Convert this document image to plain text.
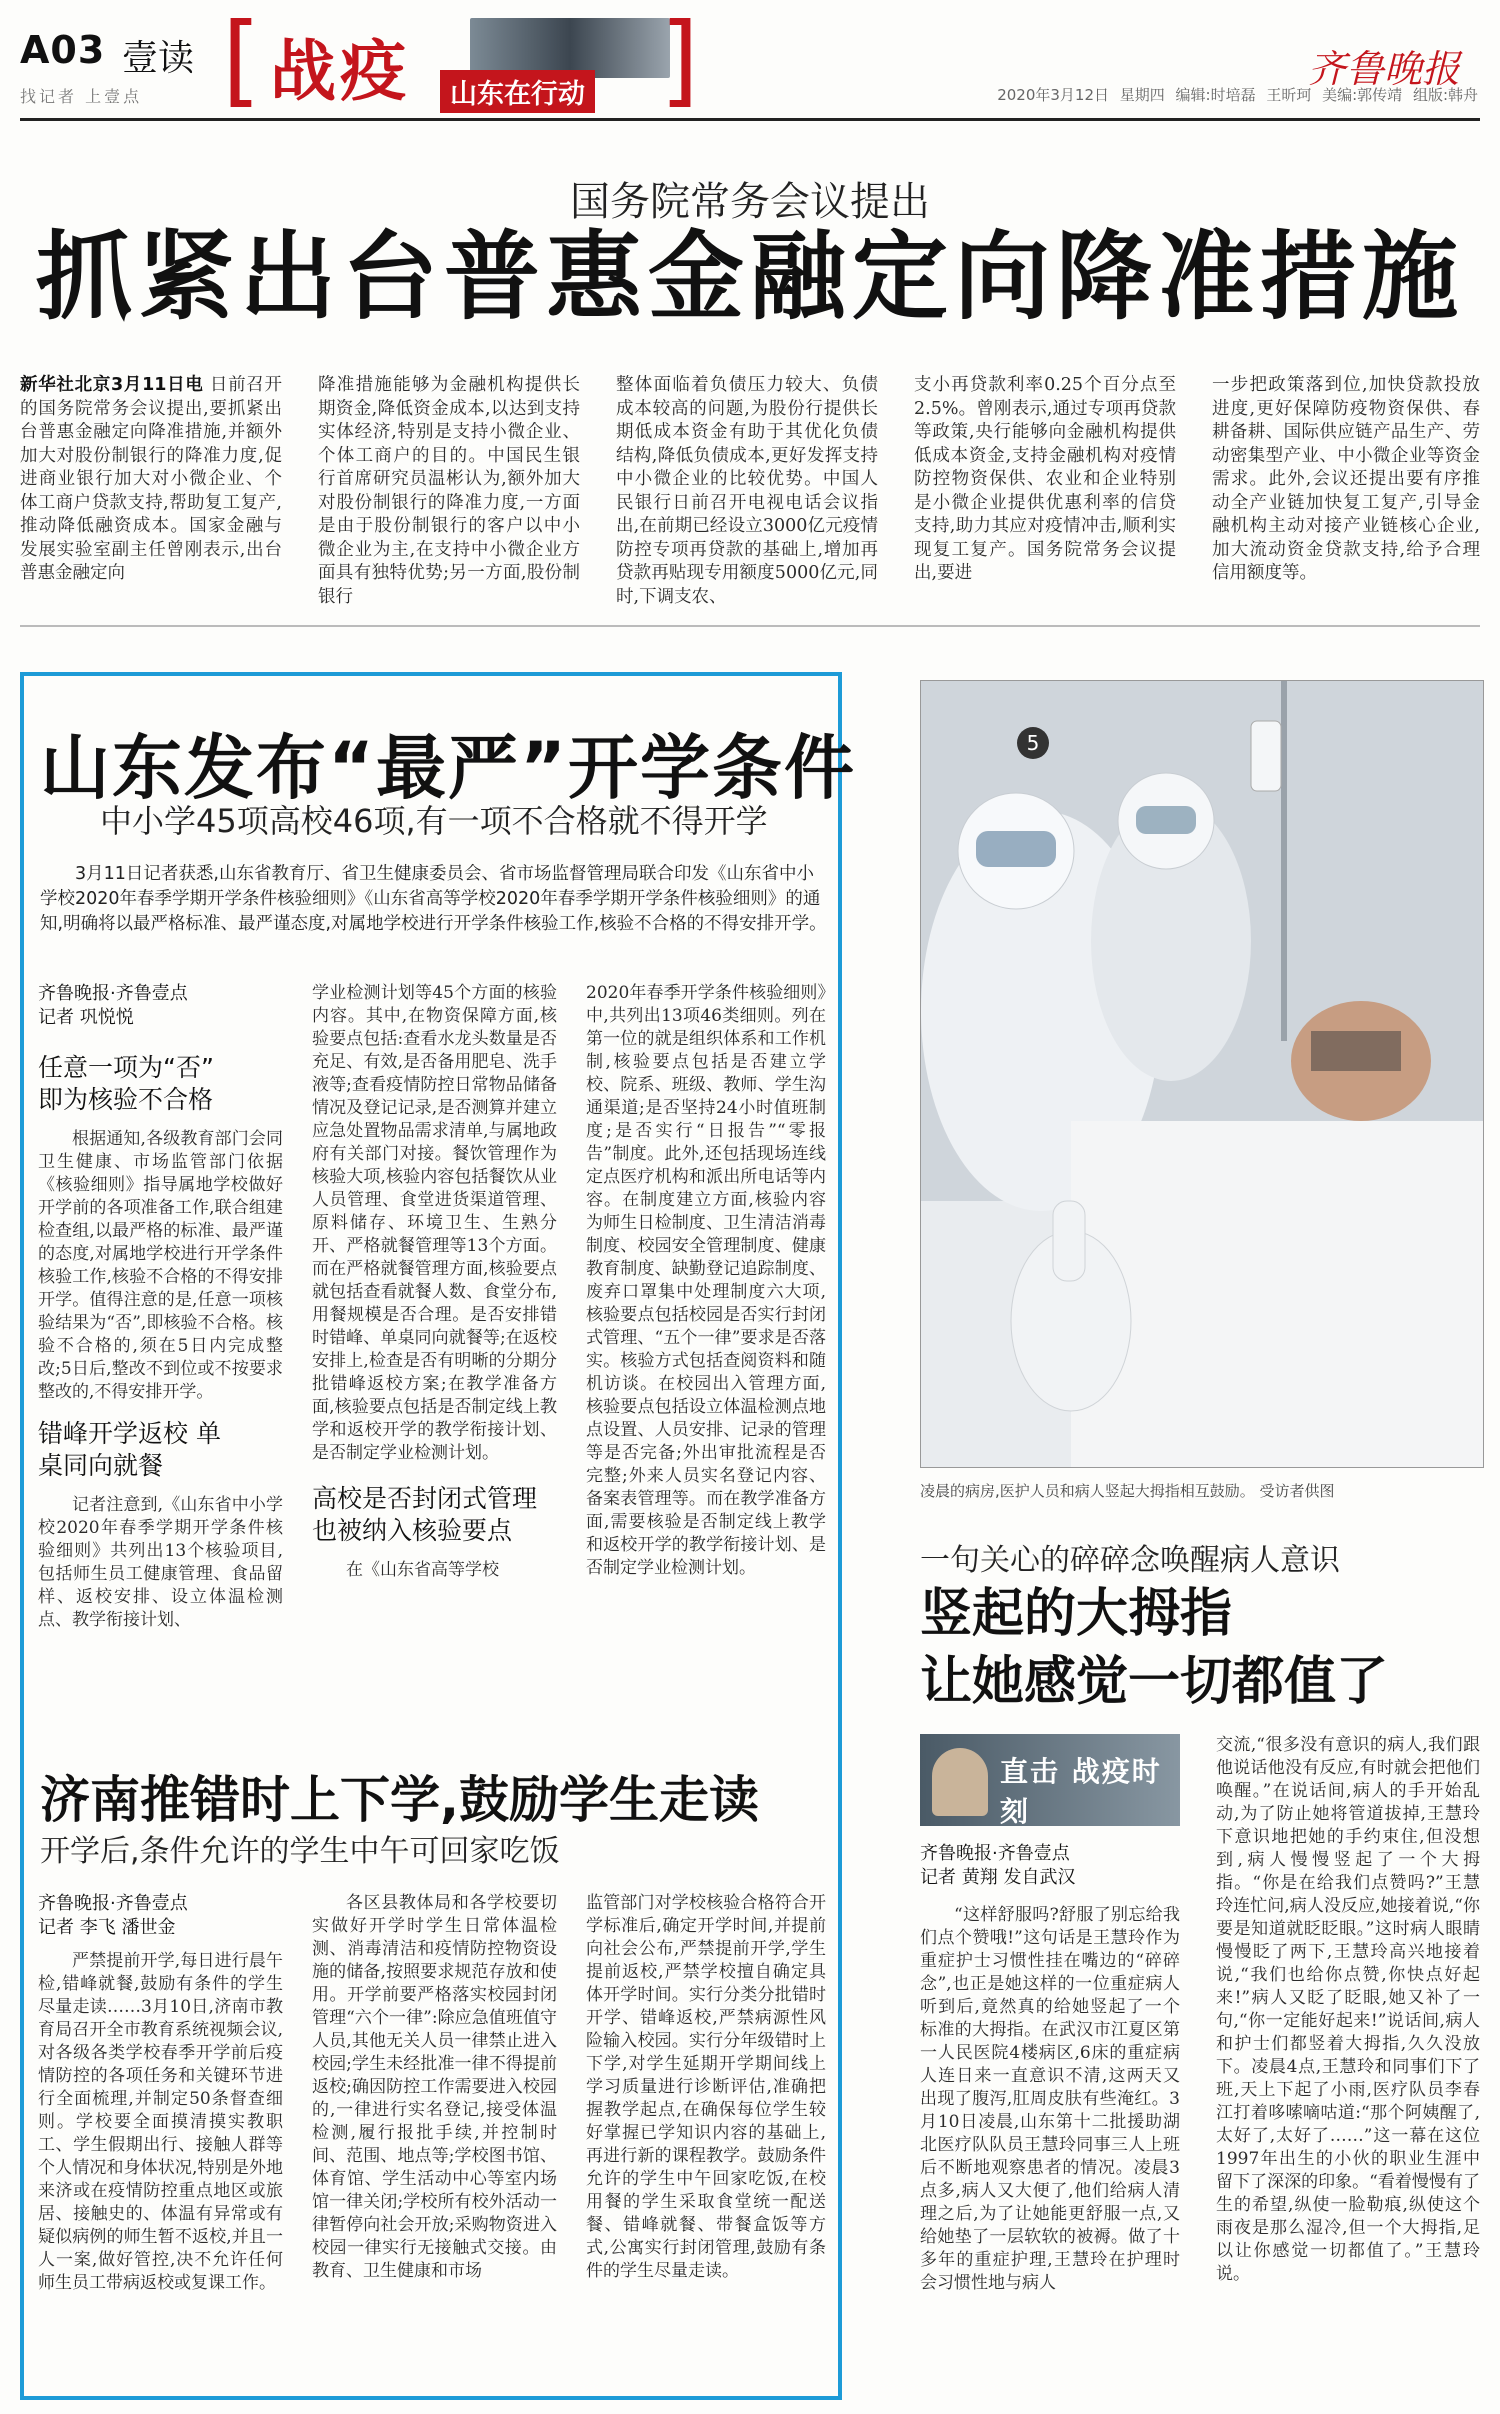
A03 壹读
找记者 上壹点 [ 战疫	山东在行动 ]	齐鲁晚报
2020年3月12日 星期四 编辑:时培磊 王昕珂 美编:郭传靖 组版:韩舟
国务院常务会议提出
抓紧出台普惠金融定向降准措施

新华社北京3月11日电 日前召开的国务院常务会议提出,要抓紧出台普惠金融定向降准措施,并额外加大对股份制银行的降准力度,促进商业银行加大对小微企业、个体工商户贷款支持,帮助复工复产,推动降低融资成本。国家金融与发展实验室副主任曾刚表示,出台普惠金融定向

降准措施能够为金融机构提供长期资金,降低资金成本,以达到支持实体经济,特别是支持小微企业、个体工商户的目的。中国民生银行首席研究员温彬认为,额外加大对股份制银行的降准力度,一方面是由于股份制银行的客户以中小微企业为主,在支持中小微企业方面具有独特优势;另一方面,股份制银行

整体面临着负债压力较大、负债成本较高的问题,为股份行提供长期低成本资金有助于其优化负债结构,降低负债成本,更好发挥支持中小微企业的比较优势。中国人民银行日前召开电视电话会议指出,在前期已经设立3000亿元疫情防控专项再贷款的基础上,增加再贷款再贴现专用额度5000亿元,同时,下调支农、

支小再贷款利率0.25个百分点至2.5%。曾刚表示,通过专项再贷款等政策,央行能够向金融机构提供低成本资金,支持金融机构对疫情防控物资保供、农业和企业特别是小微企业提供优惠利率的信贷支持,助力其应对疫情冲击,顺利实现复工复产。国务院常务会议提出,要进

一步把政策落到位,加快贷款投放进度,更好保障防疫物资保供、春耕备耕、国际供应链产品生产、劳动密集型产业、中小微企业等资金需求。此外,会议还提出要有序推动全产业链加快复工复产,引导金融机构主动对接产业链核心企业,加大流动资金贷款支持,给予合理信用额度等。

山东发布“最严”开学条件
中小学45项高校46项,有一项不合格就不得开学
3月11日记者获悉,山东省教育厅、省卫生健康委员会、省市场监督管理局联合印发《山东省中小学校2020年春季学期开学条件核验细则》《山东省高等学校2020年春季学期开学条件核验细则》的通知,明确将以最严格标准、最严谨态度,对属地学校进行开学条件核验工作,核验不合格的不得安排开学。
齐鲁晚报·齐鲁壹点
记者 巩悦悦
任意一项为“否” 即为核验不合格

根据通知,各级教育部门会同卫生健康、市场监管部门依据《核验细则》指导属地学校做好开学前的各项准备工作,联合组建检查组,以最严格的标准、最严谨的态度,对属地学校进行开学条件核验工作,核验不合格的不得安排开学。值得注意的是,任意一项核验结果为“否”,即核验不合格。核验不合格的,须在5日内完成整改;5日后,整改不到位或不按要求整改的,不得安排开学。

错峰开学返校 单桌同向就餐

记者注意到,《山东省中小学校2020年春季学期开学条件核验细则》共列出13个核验项目,包括师生员工健康管理、食品留样、返校安排、设立体温检测点、教学衔接计划、

学业检测计划等45个方面的核验内容。其中,在物资保障方面,核验要点包括:查看水龙头数量是否充足、有效,是否备用肥皂、洗手液等;查看疫情防控日常物品储备情况及登记记录,是否测算并建立应急处置物品需求清单,与属地政府有关部门对接。餐饮管理作为核验大项,核验内容包括餐饮从业人员管理、食堂进货渠道管理、原料储存、环境卫生、生熟分开、严格就餐管理等13个方面。而在严格就餐管理方面,核验要点就包括查看就餐人数、食堂分布,用餐规模是否合理。是否安排错时错峰、单桌同向就餐等;在返校安排上,检查是否有明晰的分期分批错峰返校方案;在教学准备方面,核验要点包括是否制定线上教学和返校开学的教学衔接计划、是否制定学业检测计划。

高校是否封闭式管理 也被纳入核验要点

在《山东省高等学校

2020年春季开学条件核验细则》中,共列出13项46类细则。列在第一位的就是组织体系和工作机制,核验要点包括是否建立学校、院系、班级、教师、学生沟通渠道;是否坚持24小时值班制度;是否实行“日报告”“零报告”制度。此外,还包括现场连线定点医疗机构和派出所电话等内容。在制度建立方面,核验内容为师生日检制度、卫生清洁消毒制度、校园安全管理制度、健康教育制度、缺勤登记追踪制度、废弃口罩集中处理制度六大项,核验要点包括校园是否实行封闭式管理、“五个一律”要求是否落实。核验方式包括查阅资料和随机访谈。在校园出入管理方面,核验要点包括设立体温检测点地点设置、人员安排、记录的管理等是否完备;外出审批流程是否完整;外来人员实名登记内容、备案表管理等。而在教学准备方面,需要核验是否制定线上教学和返校开学的教学衔接计划、是否制定学业检测计划。

济南推错时上下学,鼓励学生走读
开学后,条件允许的学生中午可回家吃饭
齐鲁晚报·齐鲁壹点
记者 李飞 潘世金

严禁提前开学,每日进行晨午检,错峰就餐,鼓励有条件的学生尽量走读……3月10日,济南市教育局召开全市教育系统视频会议,对各级各类学校春季开学前后疫情防控的各项任务和关键环节进行全面梳理,并制定50条督查细则。学校要全面摸清摸实教职工、学生假期出行、接触人群等个人情况和身体状况,特别是外地来济或在疫情防控重点地区或旅居、接触史的、体温有异常或有疑似病例的师生暂不返校,并且一人一案,做好管控,决不允许任何师生员工带病返校或复课工作。

各区县教体局和各学校要切实做好开学时学生日常体温检测、消毒清洁和疫情防控物资设施的储备,按照要求规范存放和使用。开学前要严格落实校园封闭管理“六个一律”:除应急值班值守人员,其他无关人员一律禁止进入校园;学生未经批准一律不得提前返校;确因防控工作需要进入校园的,一律进行实名登记,接受体温检测,履行报批手续,并控制时间、范围、地点等;学校图书馆、体育馆、学生活动中心等室内场馆一律关闭;学校所有校外活动一律暂停向社会开放;采购物资进入校园一律实行无接触式交接。由教育、卫生健康和市场

监管部门对学校核验合格符合开学标准后,确定开学时间,并提前向社会公布,严禁提前开学,学生提前返校,严禁学校擅自确定具体开学时间。实行分类分批错时开学、错峰返校,严禁病源性风险输入校园。实行分年级错时上下学,对学生延期开学期间线上学习质量进行诊断评估,准确把握教学起点,在确保每位学生较好掌握已学知识内容的基础上,再进行新的课程教学。鼓励条件允许的学生中午回家吃饭,在校用餐的学生采取食堂统一配送餐、错峰就餐、带餐盒饭等方式,公寓实行封闭管理,鼓励有条件的学生尽量走读。

5
凌晨的病房,医护人员和病人竖起大拇指相互鼓励。 受访者供图
一句关心的碎碎念唤醒病人意识
竖起的大拇指
让她感觉一切都值了
直击 战疫时刻
齐鲁晚报·齐鲁壹点
记者 黄翔 发自武汉

“这样舒服吗?舒服了别忘给我们点个赞哦!”这句话是王慧玲作为重症护士习惯性挂在嘴边的“碎碎念”,也正是她这样的一位重症病人听到后,竟然真的给她竖起了一个标准的大拇指。在武汉市江夏区第一人民医院4楼病区,6床的重症病人连日来一直意识不清,这两天又出现了腹泻,肛周皮肤有些淹红。3月10日凌晨,山东第十二批援助湖北医疗队队员王慧玲同事三人上班后不断地观察患者的情况。凌晨3点多,病人又大便了,他们给病人清理之后,为了让她能更舒服一点,又给她垫了一层软软的被褥。做了十多年的重症护理,王慧玲在护理时会习惯性地与病人

交流,“很多没有意识的病人,我们跟他说话他没有反应,有时就会把他们唤醒。”在说话间,病人的手开始乱动,为了防止她将管道拔掉,王慧玲下意识地把她的手约束住,但没想到,病人慢慢竖起了一个大拇指。“你是在给我们点赞吗?”王慧玲连忙问,病人没反应,她接着说,“你要是知道就眨眨眼。”这时病人眼睛慢慢眨了两下,王慧玲高兴地接着说,“我们也给你点赞,你快点好起来!”病人又眨了眨眼,她又补了一句,“你一定能好起来!”说话间,病人和护士们都竖着大拇指,久久没放下。凌晨4点,王慧玲和同事们下了班,天上下起了小雨,医疗队员李春江打着哆嗦嘀咕道:“那个阿姨醒了,太好了,太好了……”这一幕在这位1997年出生的小伙的职业生涯中留下了深深的印象。“看着慢慢有了生的希望,纵使一脸勒痕,纵使这个雨夜是那么湿冷,但一个大拇指,足以让你感觉一切都值了。”王慧玲说。
